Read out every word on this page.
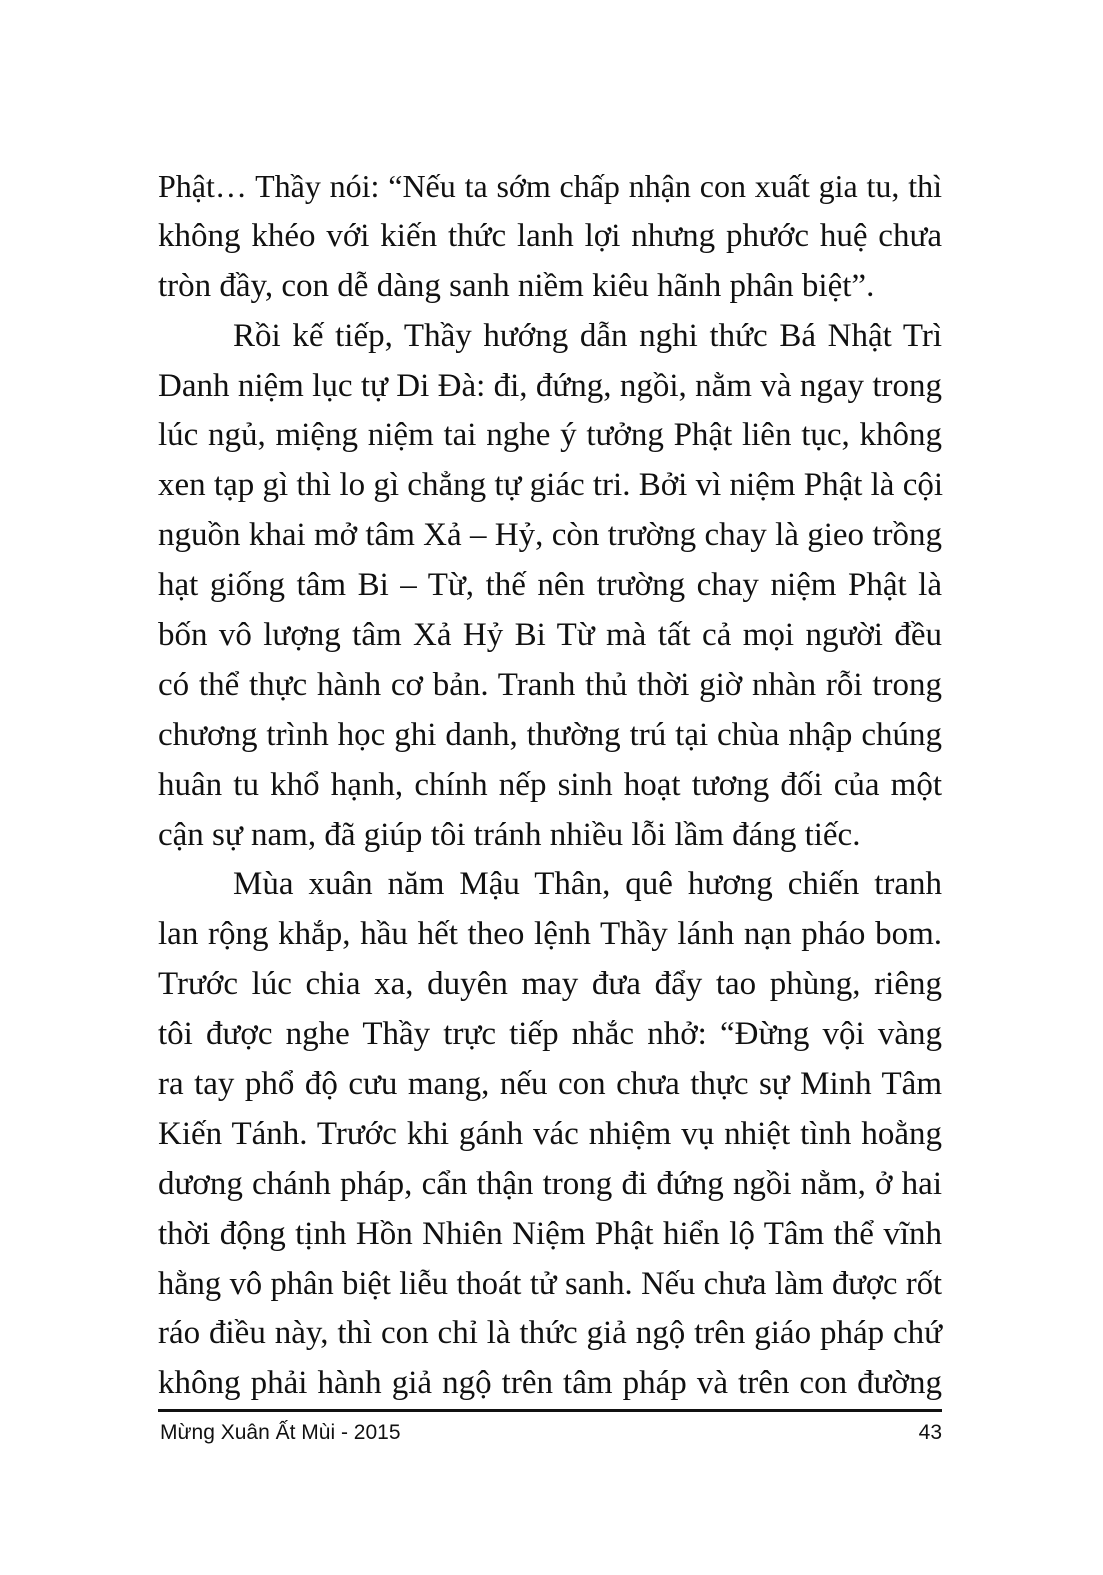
Phật… Thầy nói: “Nếu ta sớm chấp nhận con xuất gia tu, thì
không khéo với kiến thức lanh lợi nhưng phước huệ chưa
tròn đầy, con dễ dàng sanh niềm kiêu hãnh phân biệt”.
Rồi kế tiếp, Thầy hướng dẫn nghi thức Bá Nhật Trì
Danh niệm lục tự Di Đà: đi, đứng, ngồi, nằm và ngay trong
lúc ngủ, miệng niệm tai nghe ý tưởng Phật liên tục, không
xen tạp gì thì lo gì chẳng tự giác tri. Bởi vì niệm Phật là cội
nguồn khai mở tâm Xả – Hỷ, còn trường chay là gieo trồng
hạt giống tâm Bi – Từ, thế nên trường chay niệm Phật là
bốn vô lượng tâm Xả Hỷ Bi Từ mà tất cả mọi người đều
có thể thực hành cơ bản. Tranh thủ thời giờ nhàn rỗi trong
chương trình học ghi danh, thường trú tại chùa nhập chúng
huân tu khổ hạnh, chính nếp sinh hoạt tương đối của một
cận sự nam, đã giúp tôi tránh nhiều lỗi lầm đáng tiếc.
Mùa xuân năm Mậu Thân, quê hương chiến tranh
lan rộng khắp, hầu hết theo lệnh Thầy lánh nạn pháo bom.
Trước lúc chia xa, duyên may đưa đẩy tao phùng, riêng
tôi được nghe Thầy trực tiếp nhắc nhở: “Đừng vội vàng
ra tay phổ độ cưu mang, nếu con chưa thực sự Minh Tâm
Kiến Tánh. Trước khi gánh vác nhiệm vụ nhiệt tình hoằng
dương chánh pháp, cẩn thận trong đi đứng ngồi nằm, ở hai
thời động tịnh Hồn Nhiên Niệm Phật hiển lộ Tâm thể vĩnh
hằng vô phân biệt liễu thoát tử sanh. Nếu chưa làm được rốt
ráo điều này, thì con chỉ là thức giả ngộ trên giáo pháp chứ
không phải hành giả ngộ trên tâm pháp và trên con đường
Mừng Xuân Ất Mùi - 2015	43
